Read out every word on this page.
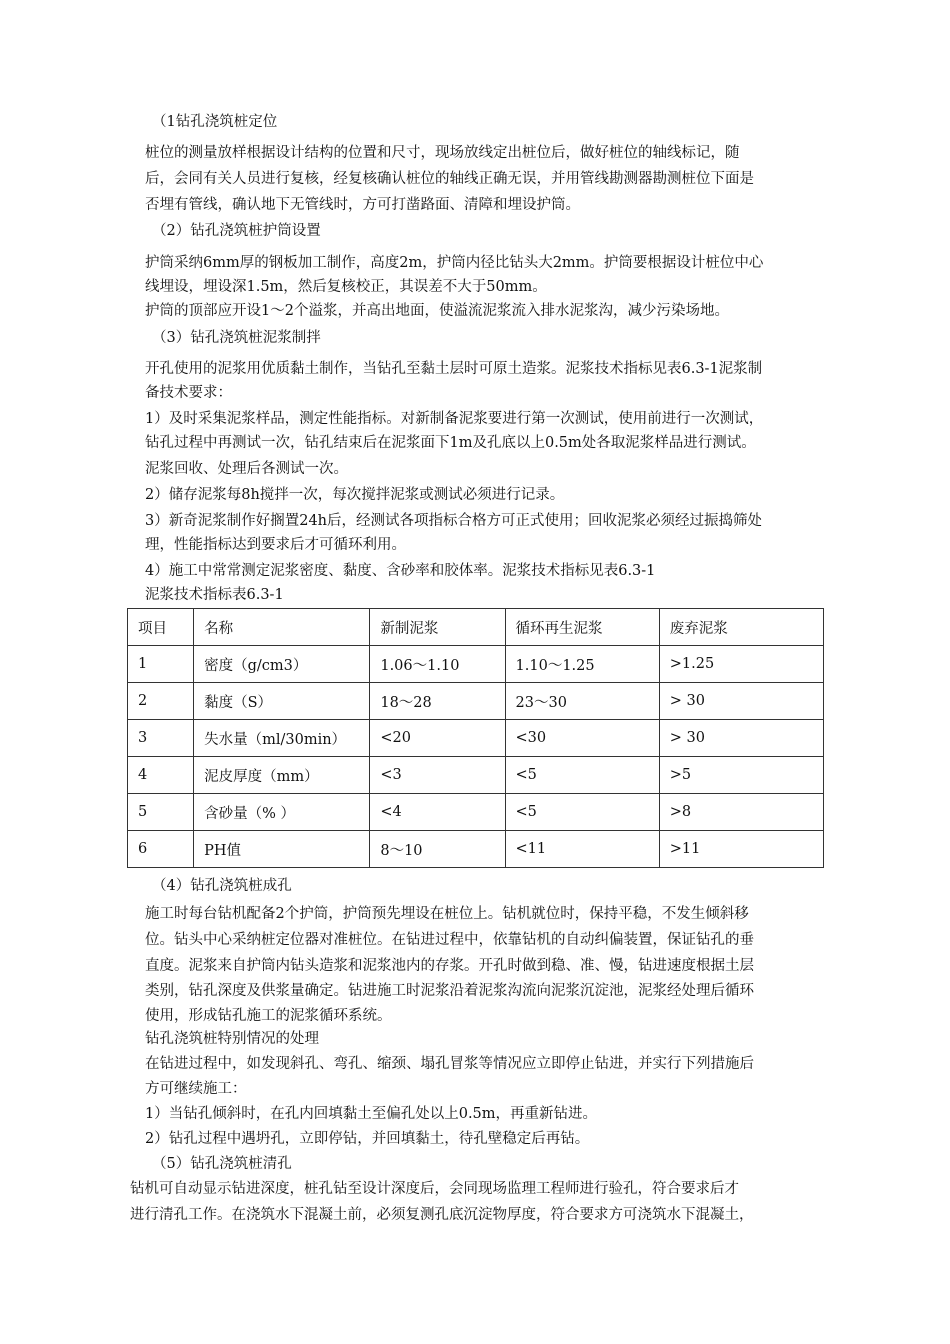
（1钻孔浇筑桩定位
桩位的测量放样根据设计结构的位置和尺寸，现场放线定出桩位后，做好桩位的轴线标记，随
后，会同有关人员进行复核，经复核确认桩位的轴线正确无误，并用管线勘测器勘测桩位下面是
否埋有管线，确认地下无管线时，方可打凿路面、清障和埋设护筒。
（2）钻孔浇筑桩护筒设置
护筒采纳6mm厚的钢板加工制作，高度2m，护筒内径比钻头大2mm。护筒要根据设计桩位中心
线埋设，埋设深1.5m，然后复核校正，其误差不大于50mm。
护筒的顶部应开设1〜2个溢浆，并高出地面，使溢流泥浆流入排水泥浆沟，减少污染场地。
（3）钻孔浇筑桩泥浆制拌
开孔使用的泥浆用优质黏土制作，当钻孔至黏土层时可原土造浆。泥浆技术指标见表6.3-1泥浆制
备技术要求：
1）及时采集泥浆样品，测定性能指标。对新制备泥浆要进行第一次测试，使用前进行一次测试，
钻孔过程中再测试一次，钻孔结束后在泥浆面下1m及孔底以上0.5m处各取泥浆样品进行测试。
泥浆回收、处理后各测试一次。
2）储存泥浆每8h搅拌一次，每次搅拌泥浆或测试必须进行记录。
3）新奇泥浆制作好搁置24h后，经测试各项指标合格方可正式使用；回收泥浆必须经过振捣筛处
理，性能指标达到要求后才可循环利用。
4）施工中常常测定泥浆密度、黏度、含砂率和胶体率。泥浆技术指标见表6.3-1
泥浆技术指标表6.3-1
项目	名称	新制泥浆	循环再生泥浆	废弃泥浆
1	密度（g/cm3）	1.06〜1.10	1.10〜1.25	>1.25
2	黏度（S）	18〜28	23〜30	> 30
3	失水量（ml/30min）	<20	<30	> 30
4	泥皮厚度（mm）	<3	<5	>5
5	含砂量（% ）	<4	<5	>8
6	PH值	8〜10	<11	>11
（4）钻孔浇筑桩成孔
施工时每台钻机配备2个护筒，护筒预先埋设在桩位上。钻机就位时，保持平稳，不发生倾斜移
位。钻头中心采纳桩定位器对准桩位。在钻进过程中，依靠钻机的自动纠偏装置，保证钻孔的垂
直度。泥浆来自护筒内钻头造浆和泥浆池内的存浆。开孔时做到稳、准、慢，钻进速度根据土层
类别，钻孔深度及供浆量确定。钻进施工时泥浆沿着泥浆沟流向泥浆沉淀池，泥浆经处理后循环
使用，形成钻孔施工的泥浆循环系统。
钻孔浇筑桩特别情况的处理
在钻进过程中，如发现斜孔、弯孔、缩颈、塌孔冒浆等情况应立即停止钻进，并实行下列措施后
方可继续施工：
1）当钻孔倾斜时，在孔内回填黏土至偏孔处以上0.5m，再重新钻进。
2）钻孔过程中遇坍孔，立即停钻，并回填黏土，待孔壁稳定后再钻。
（5）钻孔浇筑桩清孔
钻机可自动显示钻进深度，桩孔钻至设计深度后，会同现场监理工程师进行验孔，符合要求后才
进行清孔工作。在浇筑水下混凝土前，必须复测孔底沉淀物厚度，符合要求方可浇筑水下混凝土，
